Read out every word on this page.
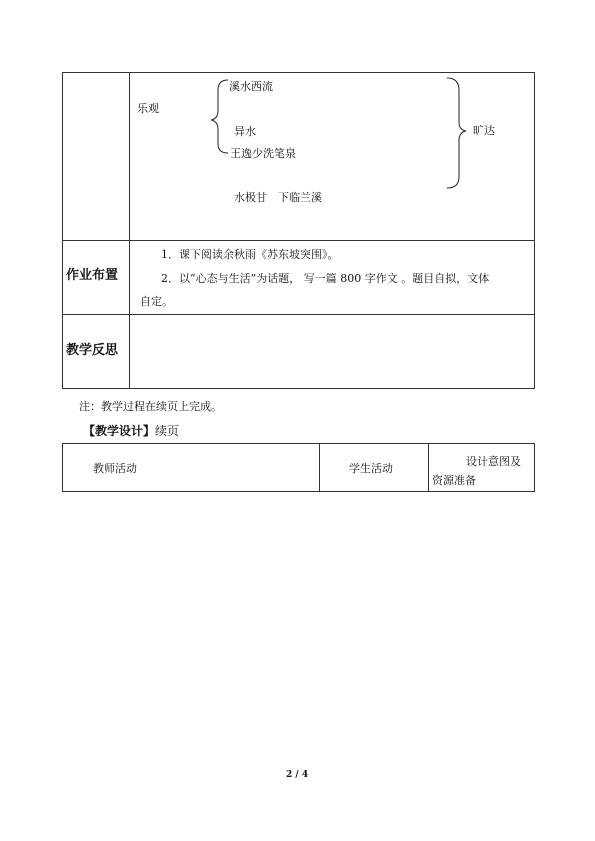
乐观
溪水西流
异水
王逸少洗笔泉
水极甘　下临兰溪
旷达
作业布置
1．课下阅读余秋雨《苏东坡突围》。
2．以“心态与生活”为话题， 写一篇 800 字作文 。题目自拟，文体
自定。
教学反思
注：教学过程在续页上完成。
【教学设计】续页
教师活动	学生活动
设计意图及
资源准备
2 / 4
